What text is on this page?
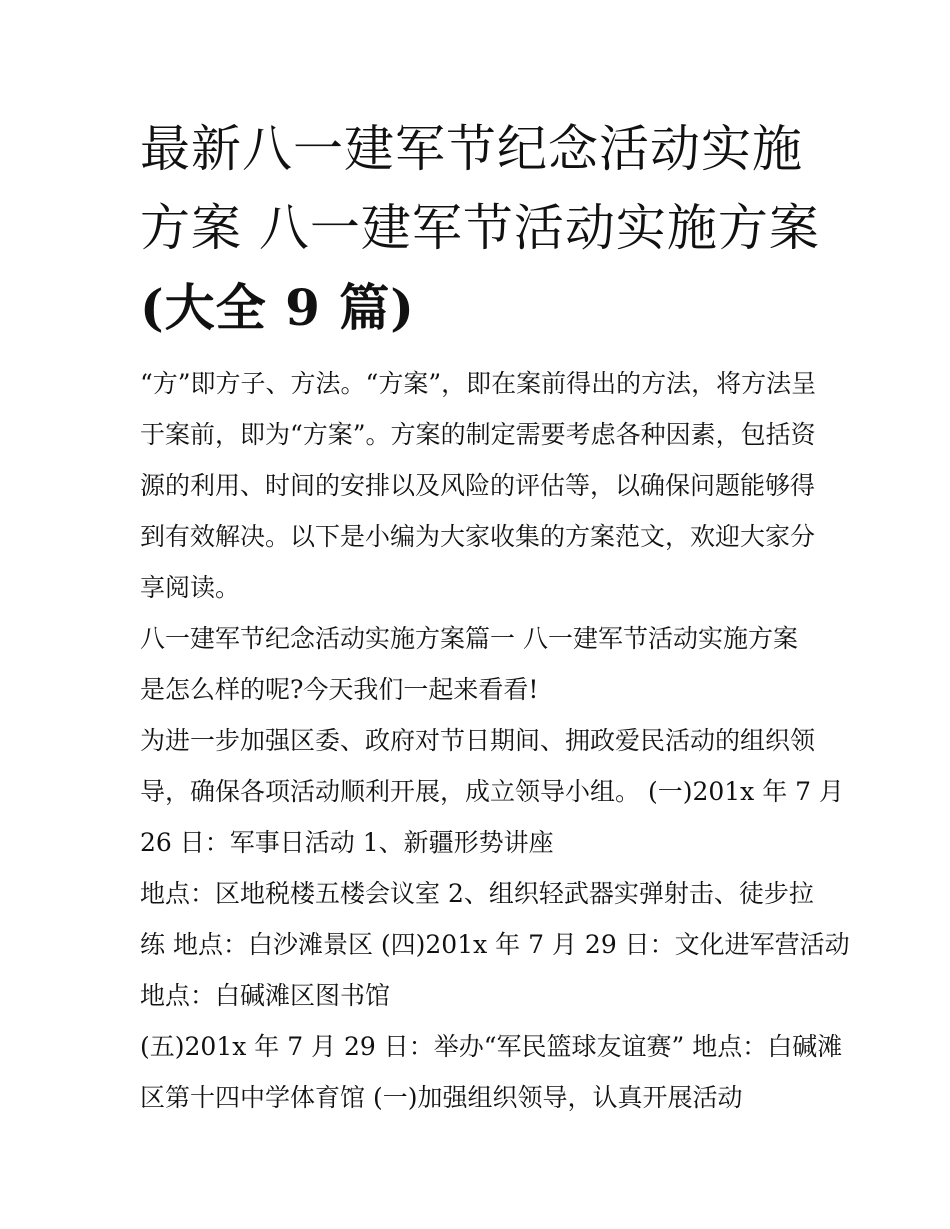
最新八一建军节纪念活动实施
方案 八一建军节活动实施方案
(大全 9 篇)

“方”即方子、方法。“方案”，即在案前得出的方法，将方法呈
于案前，即为“方案”。方案的制定需要考虑各种因素，包括资
源的利用、时间的安排以及风险的评估等，以确保问题能够得
到有效解决。以下是小编为大家收集的方案范文，欢迎大家分
享阅读。

八一建军节纪念活动实施方案篇一 八一建军节活动实施方案
是怎么样的呢?今天我们一起来看看!

为进一步加强区委、政府对节日期间、拥政爱民活动的组织领
导，确保各项活动顺利开展，成立领导小组。 (一)201x 年 7 月
26 日：军事日活动 1、新疆形势讲座

地点：区地税楼五楼会议室 2、组织轻武器实弹射击、徒步拉
练 地点：白沙滩景区 (四)201x 年 7 月 29 日：文化进军营活动
地点：白碱滩区图书馆

(五)201x 年 7 月 29 日：举办“军民篮球友谊赛” 地点：白碱滩
区第十四中学体育馆 (一)加强组织领导，认真开展活动
